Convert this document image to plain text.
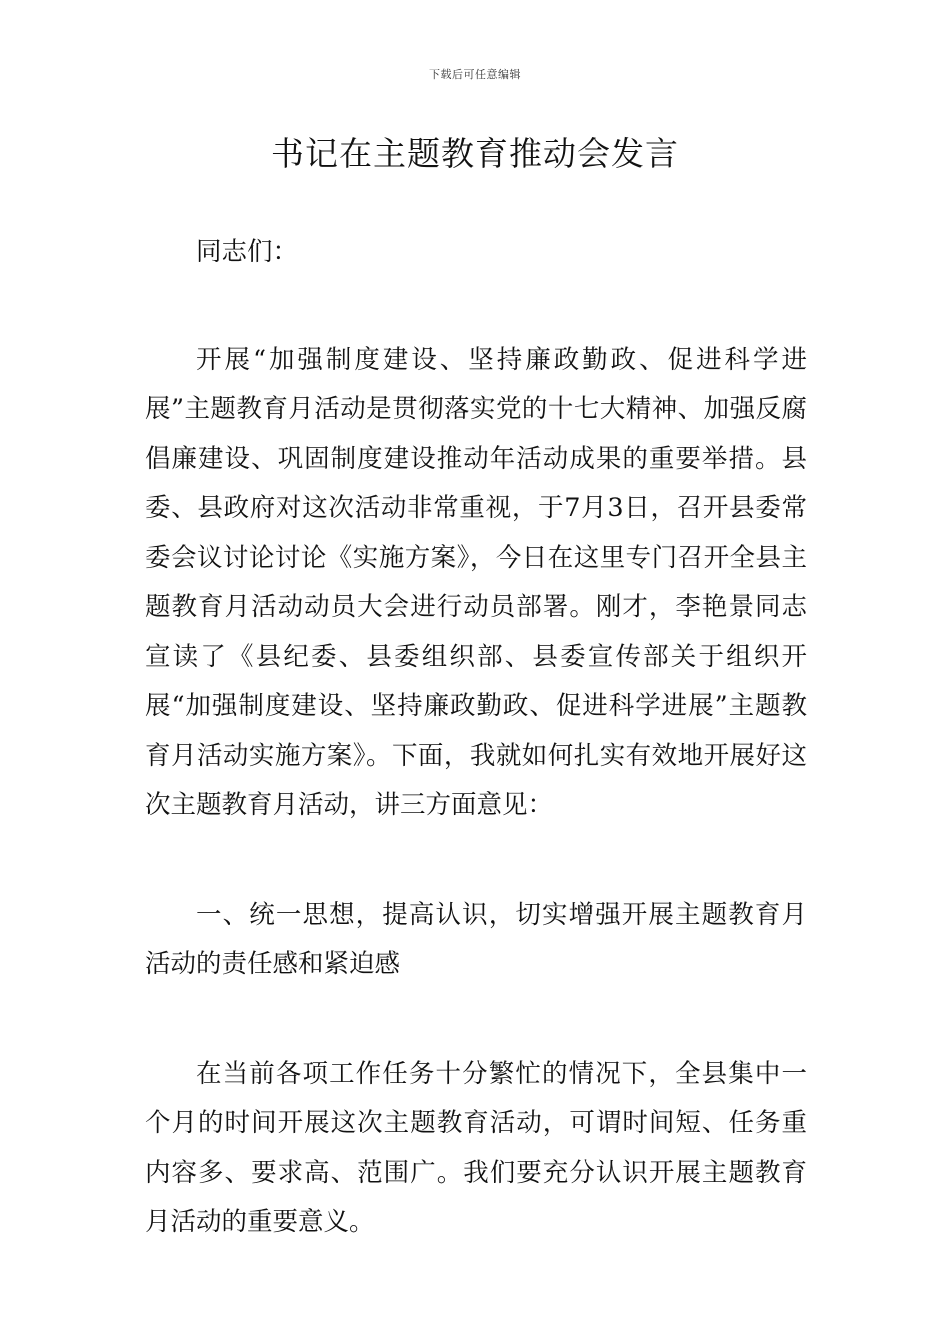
下载后可任意编辑
书记在主题教育推动会发言

同志们：

开展“加强制度建设、坚持廉政勤政、促进科学进展”主题教育月活动是贯彻落实党的十七大精神、加强反腐倡廉建设、巩固制度建设推动年活动成果的重要举措。县委、县政府对这次活动非常重视，于7月3日，召开县委常委会议讨论讨论《实施方案》，今日在这里专门召开全县主题教育月活动动员大会进行动员部署。刚才，李艳景同志宣读了《县纪委、县委组织部、县委宣传部关于组织开展“加强制度建设、坚持廉政勤政、促进科学进展”主题教育月活动实施方案》。下面，我就如何扎实有效地开展好这次主题教育月活动，讲三方面意见：

一、统一思想，提高认识，切实增强开展主题教育月活动的责任感和紧迫感

在当前各项工作任务十分繁忙的情况下，全县集中一个月的时间开展这次主题教育活动，可谓时间短、任务重内容多、要求高、范围广。我们要充分认识开展主题教育月活动的重要意义。
